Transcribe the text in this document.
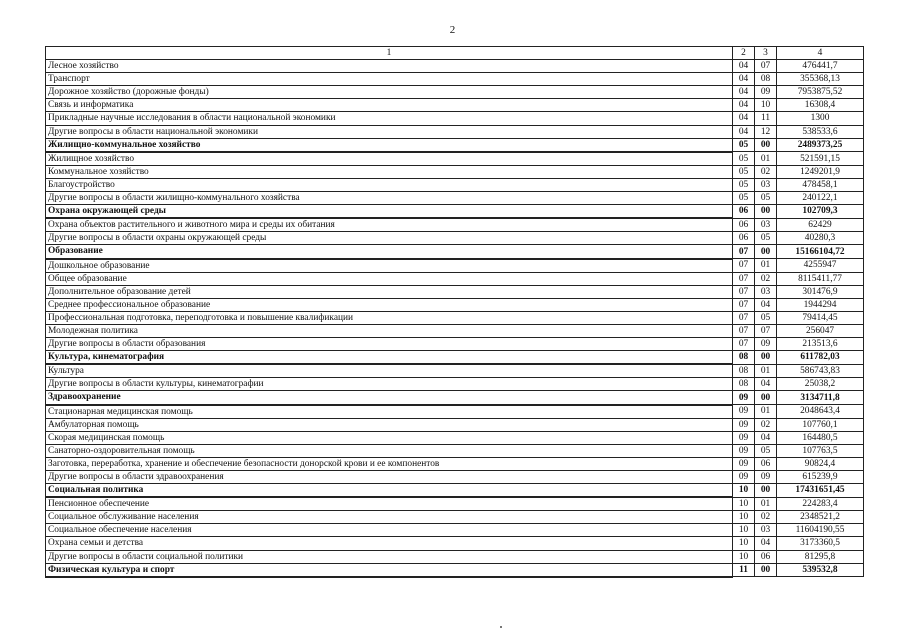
2
1	2	3	4
Лесное хозяйство	04	07	476441,7
Транспорт	04	08	355368,13
Дорожное хозяйство (дорожные фонды)	04	09	7953875,52
Связь и информатика	04	10	16308,4
Прикладные научные исследования в области национальной экономики	04	11	1300
Другие вопросы в области национальной экономики	04	12	538533,6
Жилищно-коммунальное хозяйство	05	00	2489373,25
Жилищное хозяйство	05	01	521591,15
Коммунальное хозяйство	05	02	1249201,9
Благоустройство	05	03	478458,1
Другие вопросы в области жилищно-коммунального хозяйства	05	05	240122,1
Охрана окружающей среды	06	00	102709,3
Охрана объектов растительного и животного мира и среды их обитания	06	03	62429
Другие вопросы в области охраны окружающей среды	06	05	40280,3
Образование	07	00	15166104,72
Дошкольное образование	07	01	4255947
Общее образование	07	02	8115411,77
Дополнительное образование детей	07	03	301476,9
Среднее профессиональное образование	07	04	1944294
Профессиональная подготовка, переподготовка и повышение квалификации	07	05	79414,45
Молодежная политика	07	07	256047
Другие вопросы в области образования	07	09	213513,6
Культура, кинематография	08	00	611782,03
Культура	08	01	586743,83
Другие вопросы в области культуры, кинематографии	08	04	25038,2
Здравоохранение	09	00	3134711,8
Стационарная медицинская помощь	09	01	2048643,4
Амбулаторная помощь	09	02	107760,1
Скорая медицинская помощь	09	04	164480,5
Санаторно-оздоровительная помощь	09	05	107763,5
Заготовка, переработка, хранение и обеспечение безопасности донорской крови и ее компонентов	09	06	90824,4
Другие вопросы в области здравоохранения	09	09	615239,9
Социальная политика	10	00	17431651,45
Пенсионное обеспечение	10	01	224283,4
Социальное обслуживание населения	10	02	2348521,2
Социальное обеспечение населения	10	03	11604190,55
Охрана семьи и детства	10	04	3173360,5
Другие вопросы в области социальной политики	10	06	81295,8
Физическая культура и спорт	11	00	539532,8
